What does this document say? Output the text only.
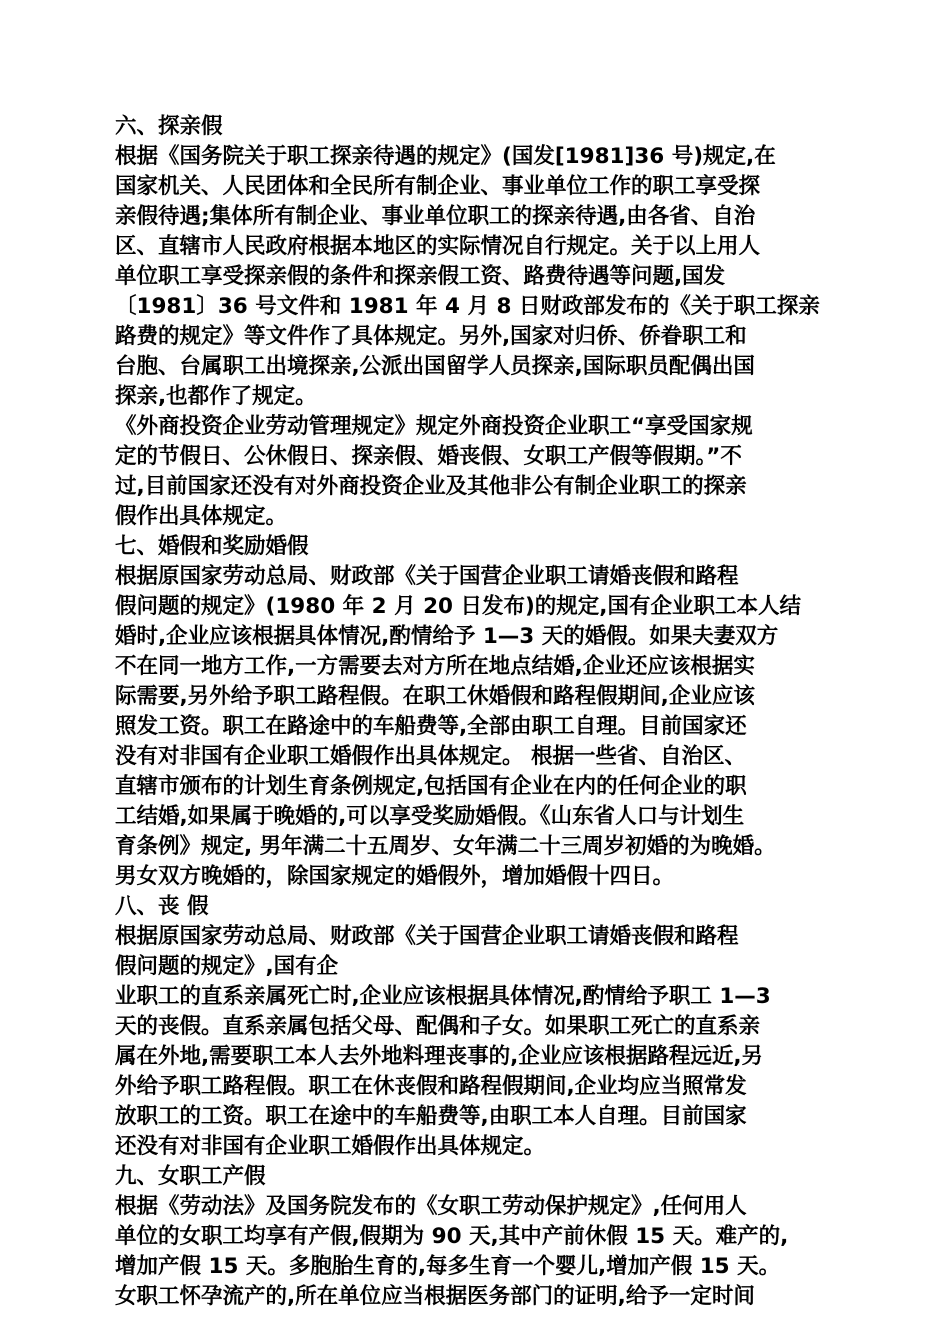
六、探亲假
根据《国务院关于职工探亲待遇的规定》(国发[1981]36 号)规定,在
国家机关、人民团体和全民所有制企业、事业单位工作的职工享受探
亲假待遇;集体所有制企业、事业单位职工的探亲待遇,由各省、自治
区、直辖市人民政府根据本地区的实际情况自行规定。关于以上用人
单位职工享受探亲假的条件和探亲假工资、路费待遇等问题,国发
〔1981〕36 号文件和 1981 年 4 月 8 日财政部发布的《关于职工探亲
路费的规定》等文件作了具体规定。另外,国家对归侨、侨眷职工和
台胞、台属职工出境探亲,公派出国留学人员探亲,国际职员配偶出国
探亲,也都作了规定。
《外商投资企业劳动管理规定》规定外商投资企业职工“享受国家规
定的节假日、公休假日、探亲假、婚丧假、女职工产假等假期。”不
过,目前国家还没有对外商投资企业及其他非公有制企业职工的探亲
假作出具体规定。
七、婚假和奖励婚假
根据原国家劳动总局、财政部《关于国营企业职工请婚丧假和路程
假问题的规定》(1980 年 2 月 20 日发布)的规定,国有企业职工本人结
婚时,企业应该根据具体情况,酌情给予 1—3 天的婚假。如果夫妻双方
不在同一地方工作,一方需要去对方所在地点结婚,企业还应该根据实
际需要,另外给予职工路程假。在职工休婚假和路程假期间,企业应该
照发工资。职工在路途中的车船费等,全部由职工自理。目前国家还
没有对非国有企业职工婚假作出具体规定。 根据一些省、自治区、
直辖市颁布的计划生育条例规定,包括国有企业在内的任何企业的职
工结婚,如果属于晚婚的,可以享受奖励婚假。《山东省人口与计划生
育条例》规定, 男年满二十五周岁、女年满二十三周岁初婚的为晚婚。
男女双方晚婚的，除国家规定的婚假外，增加婚假十四日。
八、丧 假
根据原国家劳动总局、财政部《关于国营企业职工请婚丧假和路程
假问题的规定》,国有企
业职工的直系亲属死亡时,企业应该根据具体情况,酌情给予职工 1—3
天的丧假。直系亲属包括父母、配偶和子女。如果职工死亡的直系亲
属在外地,需要职工本人去外地料理丧事的,企业应该根据路程远近,另
外给予职工路程假。职工在休丧假和路程假期间,企业均应当照常发
放职工的工资。职工在途中的车船费等,由职工本人自理。目前国家
还没有对非国有企业职工婚假作出具体规定。
九、女职工产假
根据《劳动法》及国务院发布的《女职工劳动保护规定》,任何用人
单位的女职工均享有产假,假期为 90 天,其中产前休假 15 天。难产的,
增加产假 15 天。多胞胎生育的,每多生育一个婴儿,增加产假 15 天。
女职工怀孕流产的,所在单位应当根据医务部门的证明,给予一定时间
